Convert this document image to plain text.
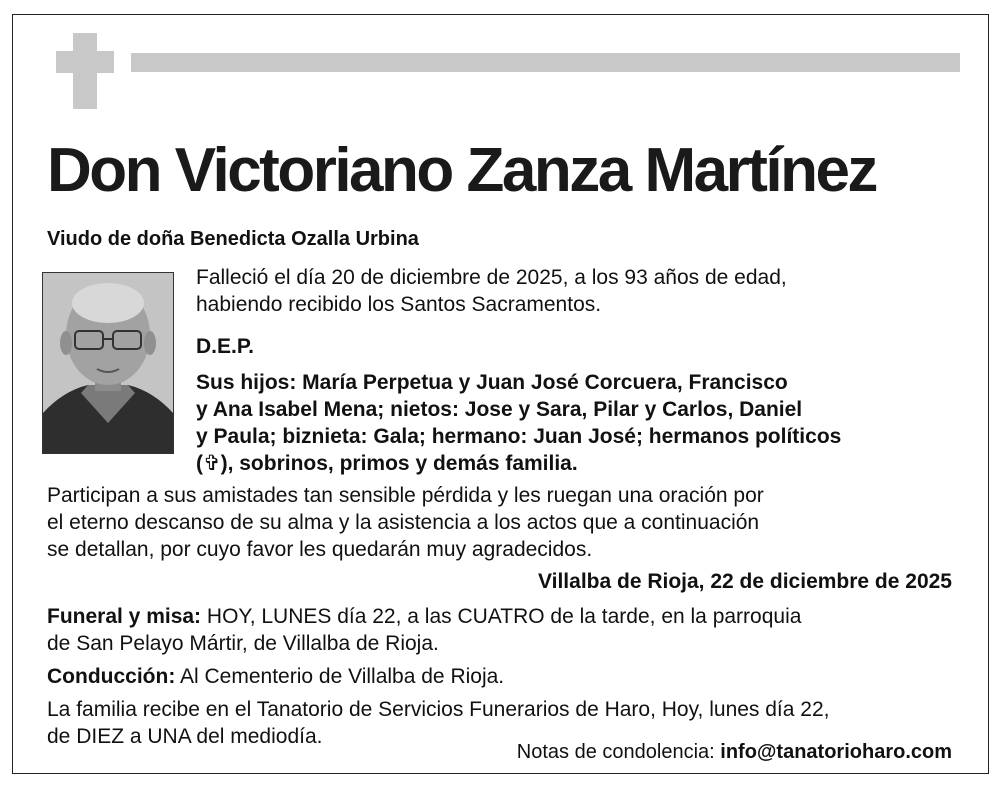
Don Victoriano Zanza Martínez
Viudo de doña Benedicta Ozalla Urbina
Falleció el día 20 de diciembre de 2025, a los 93 años de edad,
habiendo recibido los Santos Sacramentos.
D.E.P.
Sus hijos: María Perpetua y Juan José Corcuera, Francisco
y Ana Isabel Mena; nietos: Jose y Sara, Pilar y Carlos, Daniel
y Paula; biznieta: Gala; hermano: Juan José; hermanos políticos
(✞), sobrinos, primos y demás familia.
Participan a sus amistades tan sensible pérdida y les ruegan una oración por
el eterno descanso de su alma y la asistencia a los actos que a continuación
se detallan, por cuyo favor les quedarán muy agradecidos.
Villalba de Rioja, 22 de diciembre de 2025
Funeral y misa: HOY, LUNES día 22, a las CUATRO de la tarde, en la parroquia
de San Pelayo Mártir, de Villalba de Rioja.
Conducción: Al Cementerio de Villalba de Rioja.
La familia recibe en el Tanatorio de Servicios Funerarios de Haro, Hoy, lunes día 22,
de DIEZ a UNA del mediodía.
Notas de condolencia: info@tanatorioharo.com
